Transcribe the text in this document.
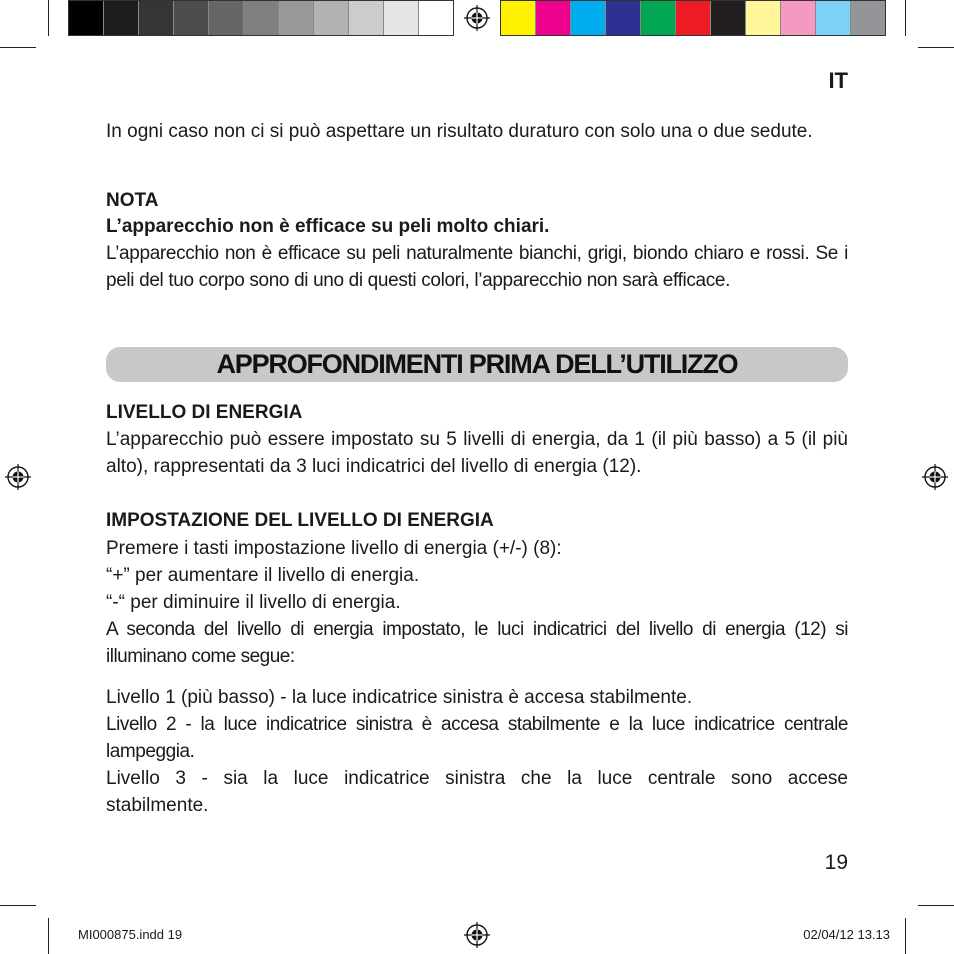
IT

In ogni caso non ci si può aspettare un risultato duraturo con solo una o due sedute.

NOTA

L’apparecchio non è efficace su peli molto chiari.

L’apparecchio non è efficace su peli naturalmente bianchi, grigi, biondo chiaro e rossi. Se i peli del tuo corpo sono di uno di questi colori, l’apparecchio non sarà efficace.

APPROFONDIMENTI PRIMA DELL’UTILIZZO

LIVELLO DI ENERGIA

L’apparecchio può essere impostato su 5 livelli di energia, da 1 (il più basso) a 5 (il più alto), rappresentati da 3 luci indicatrici del livello di energia (12).

IMPOSTAZIONE DEL LIVELLO DI ENERGIA

Premere i tasti impostazione livello di energia (+/-) (8):

“+” per aumentare il livello di energia.

“-“ per diminuire il livello di energia.

A seconda del livello di energia impostato, le luci indicatrici del livello di energia (12) si illuminano come segue:

Livello 1 (più basso) - la luce indicatrice sinistra è accesa stabilmente.

Livello 2 - la luce indicatrice sinistra è accesa stabilmente e la luce indicatrice centrale lampeggia.

Livello 3 - sia la luce indicatrice sinistra che la luce centrale sono accese stabilmente.

19
MI000875.indd 19	02/04/12 13.13
